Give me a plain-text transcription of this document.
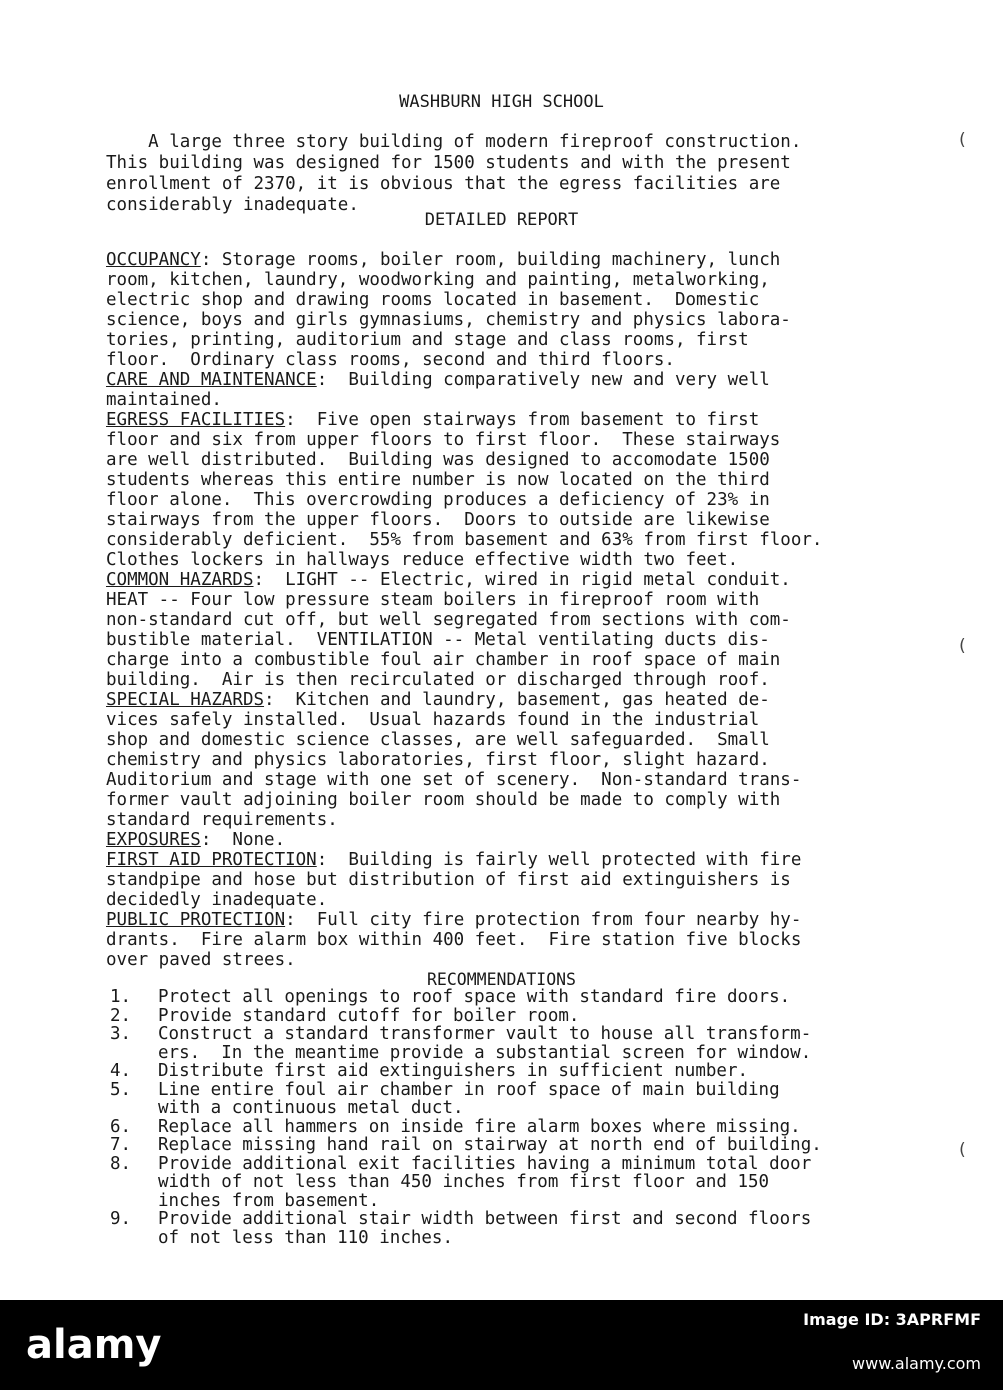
WASHBURN HIGH SCHOOL
A large three story building of modern fireproof construction.
This building was designed for 1500 students and with the present
enrollment of 2370, it is obvious that the egress facilities are
considerably inadequate.
DETAILED REPORT
OCCUPANCY: Storage rooms, boiler room, building machinery, lunch
room, kitchen, laundry, woodworking and painting, metalworking,
electric shop and drawing rooms located in basement.  Domestic
science, boys and girls gymnasiums, chemistry and physics labora-
tories, printing, auditorium and stage and class rooms, first
floor.  Ordinary class rooms, second and third floors.
CARE AND MAINTENANCE:  Building comparatively new and very well
maintained.
EGRESS FACILITIES:  Five open stairways from basement to first
floor and six from upper floors to first floor.  These stairways
are well distributed.  Building was designed to accomodate 1500
students whereas this entire number is now located on the third
floor alone.  This overcrowding produces a deficiency of 23% in
stairways from the upper floors.  Doors to outside are likewise
considerably deficient.  55% from basement and 63% from first floor.
Clothes lockers in hallways reduce effective width two feet.
COMMON HAZARDS:  LIGHT -- Electric, wired in rigid metal conduit.
HEAT -- Four low pressure steam boilers in fireproof room with
non-standard cut off, but well segregated from sections with com-
bustible material.  VENTILATION -- Metal ventilating ducts dis-
charge into a combustible foul air chamber in roof space of main
building.  Air is then recirculated or discharged through roof.
SPECIAL HAZARDS:  Kitchen and laundry, basement, gas heated de-
vices safely installed.  Usual hazards found in the industrial
shop and domestic science classes, are well safeguarded.  Small
chemistry and physics laboratories, first floor, slight hazard.
Auditorium and stage with one set of scenery.  Non-standard trans-
former vault adjoining boiler room should be made to comply with
standard requirements.
EXPOSURES:  None.
FIRST AID PROTECTION:  Building is fairly well protected with fire
standpipe and hose but distribution of first aid extinguishers is
decidedly inadequate.
PUBLIC PROTECTION:  Full city fire protection from four nearby hy-
drants.  Fire alarm box within 400 feet.  Fire station five blocks
over paved strees.
RECOMMENDATIONS
1.	Protect all openings to roof space with standard fire doors.
2.	Provide standard cutoff for boiler room.
3.	Construct a standard transformer vault to house all transform-
ers.  In the meantime provide a substantial screen for window.
4.	Distribute first aid extinguishers in sufficient number.
5.	Line entire foul air chamber in roof space of main building
with a continuous metal duct.
6.	Replace all hammers on inside fire alarm boxes where missing.
7.	Replace missing hand rail on stairway at north end of building.
8.	Provide additional exit facilities having a minimum total door
width of not less than 450 inches from first floor and 150
inches from basement.
9.	Provide additional stair width between first and second floors
of not less than 110 inches.
(
(
(
alamy
Image ID: 3APRFMF
www.alamy.com
